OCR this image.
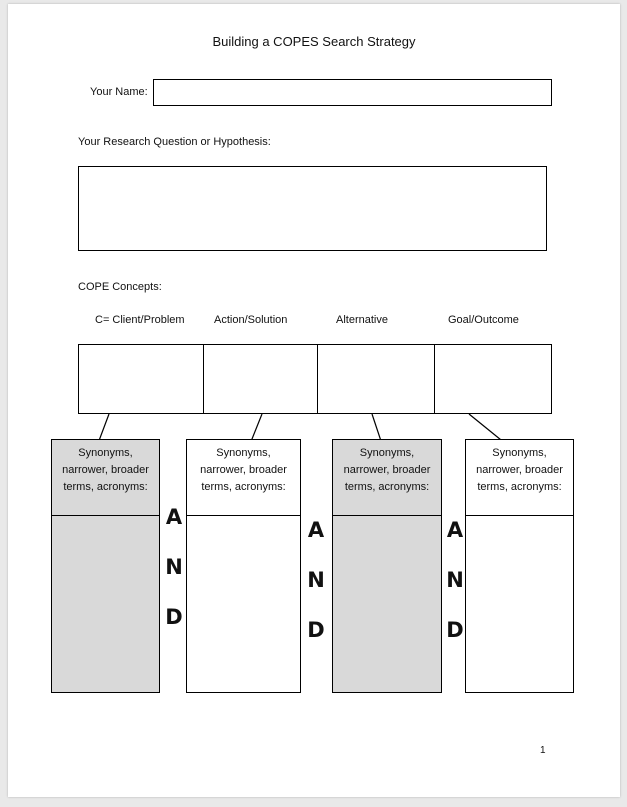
Building a COPES Search Strategy
Your Name:
Your Research Question or Hypothesis:
COPE Concepts:
C= Client/Problem	Action/Solution	Alternative	Goal/Outcome
Synonyms,
narrower, broader
terms, acronyms:
A
N
D
Synonyms,
narrower, broader
terms, acronyms:
A
N
D
Synonyms,
narrower, broader
terms, acronyms:
A
N
D
Synonyms,
narrower, broader
terms, acronyms:
1
